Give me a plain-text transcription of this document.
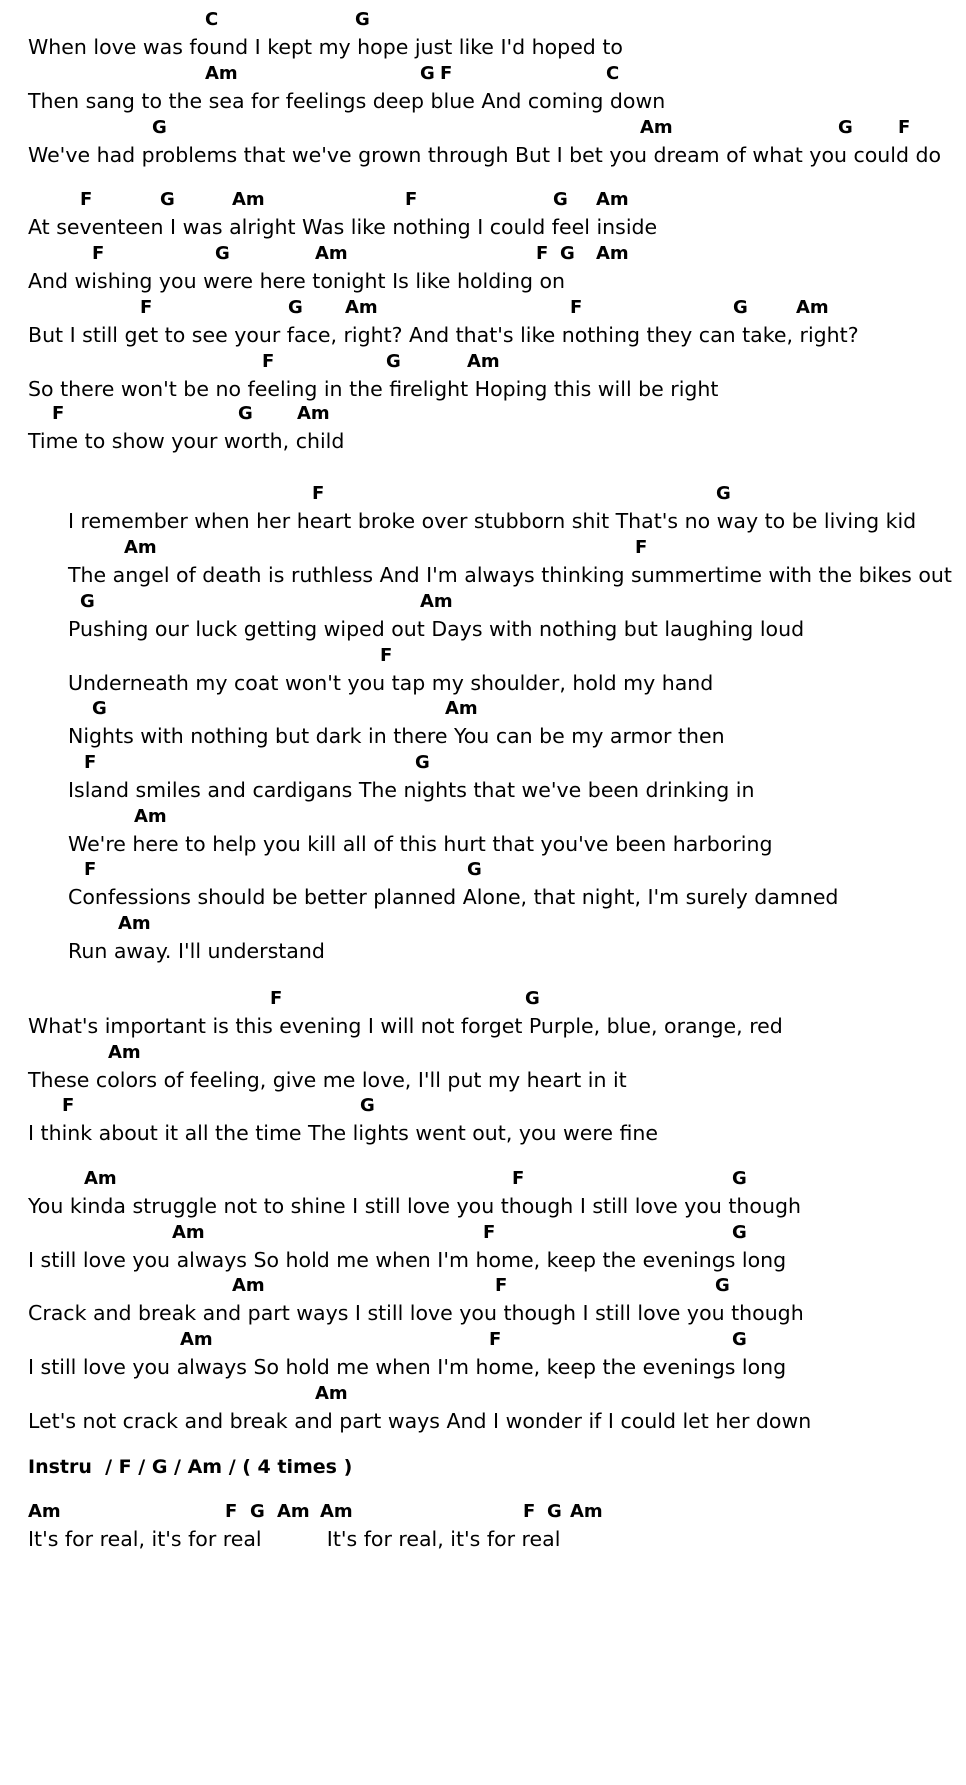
C	G
When love was found I kept my hope just like I'd hoped to
Am	G F	C
Then sang to the sea for feelings deep blue And coming down
G	Am	G	F
We've had problems that we've grown through But I bet you dream of what you could do
F	G	Am	F	G Am
At seventeen I was alright Was like nothing I could feel inside
F	G	Am	F G Am
And wishing you were here tonight Is like holding on
F	G Am	F	G	Am
But I still get to see your face, right? And that's like nothing they can take, right?
F	G	Am
So there won't be no feeling in the firelight Hoping this will be right
F	G Am
Time to show your worth, child
F	G
I remember when her heart broke over stubborn shit That's no way to be living kid
Am	F
The angel of death is ruthless And I'm always thinking summertime with the bikes out
G	Am
Pushing our luck getting wiped out Days with nothing but laughing loud
F
Underneath my coat won't you tap my shoulder, hold my hand
G	Am
Nights with nothing but dark in there You can be my armor then
F	G
Island smiles and cardigans The nights that we've been drinking in
Am
We're here to help you kill all of this hurt that you've been harboring
F	G
Confessions should be better planned Alone, that night, I'm surely damned
Am
Run away. I'll understand
F	G
What's important is this evening I will not forget Purple, blue, orange, red
Am
These colors of feeling, give me love, I'll put my heart in it
F	G
I think about it all the time The lights went out, you were fine
Am	F	G
You kinda struggle not to shine I still love you though I still love you though
Am	F	G
I still love you always So hold me when I'm home, keep the evenings long
Am	F	G
Crack and break and part ways I still love you though I still love you though
Am	F	G
I still love you always So hold me when I'm home, keep the evenings long
Am
Let's not crack and break and part ways And I wonder if I could let her down
Instru  / F / G / Am / ( 4 times )
Am	F G Am Am	F G Am
It's for real, it's for real          It's for real, it's for real
